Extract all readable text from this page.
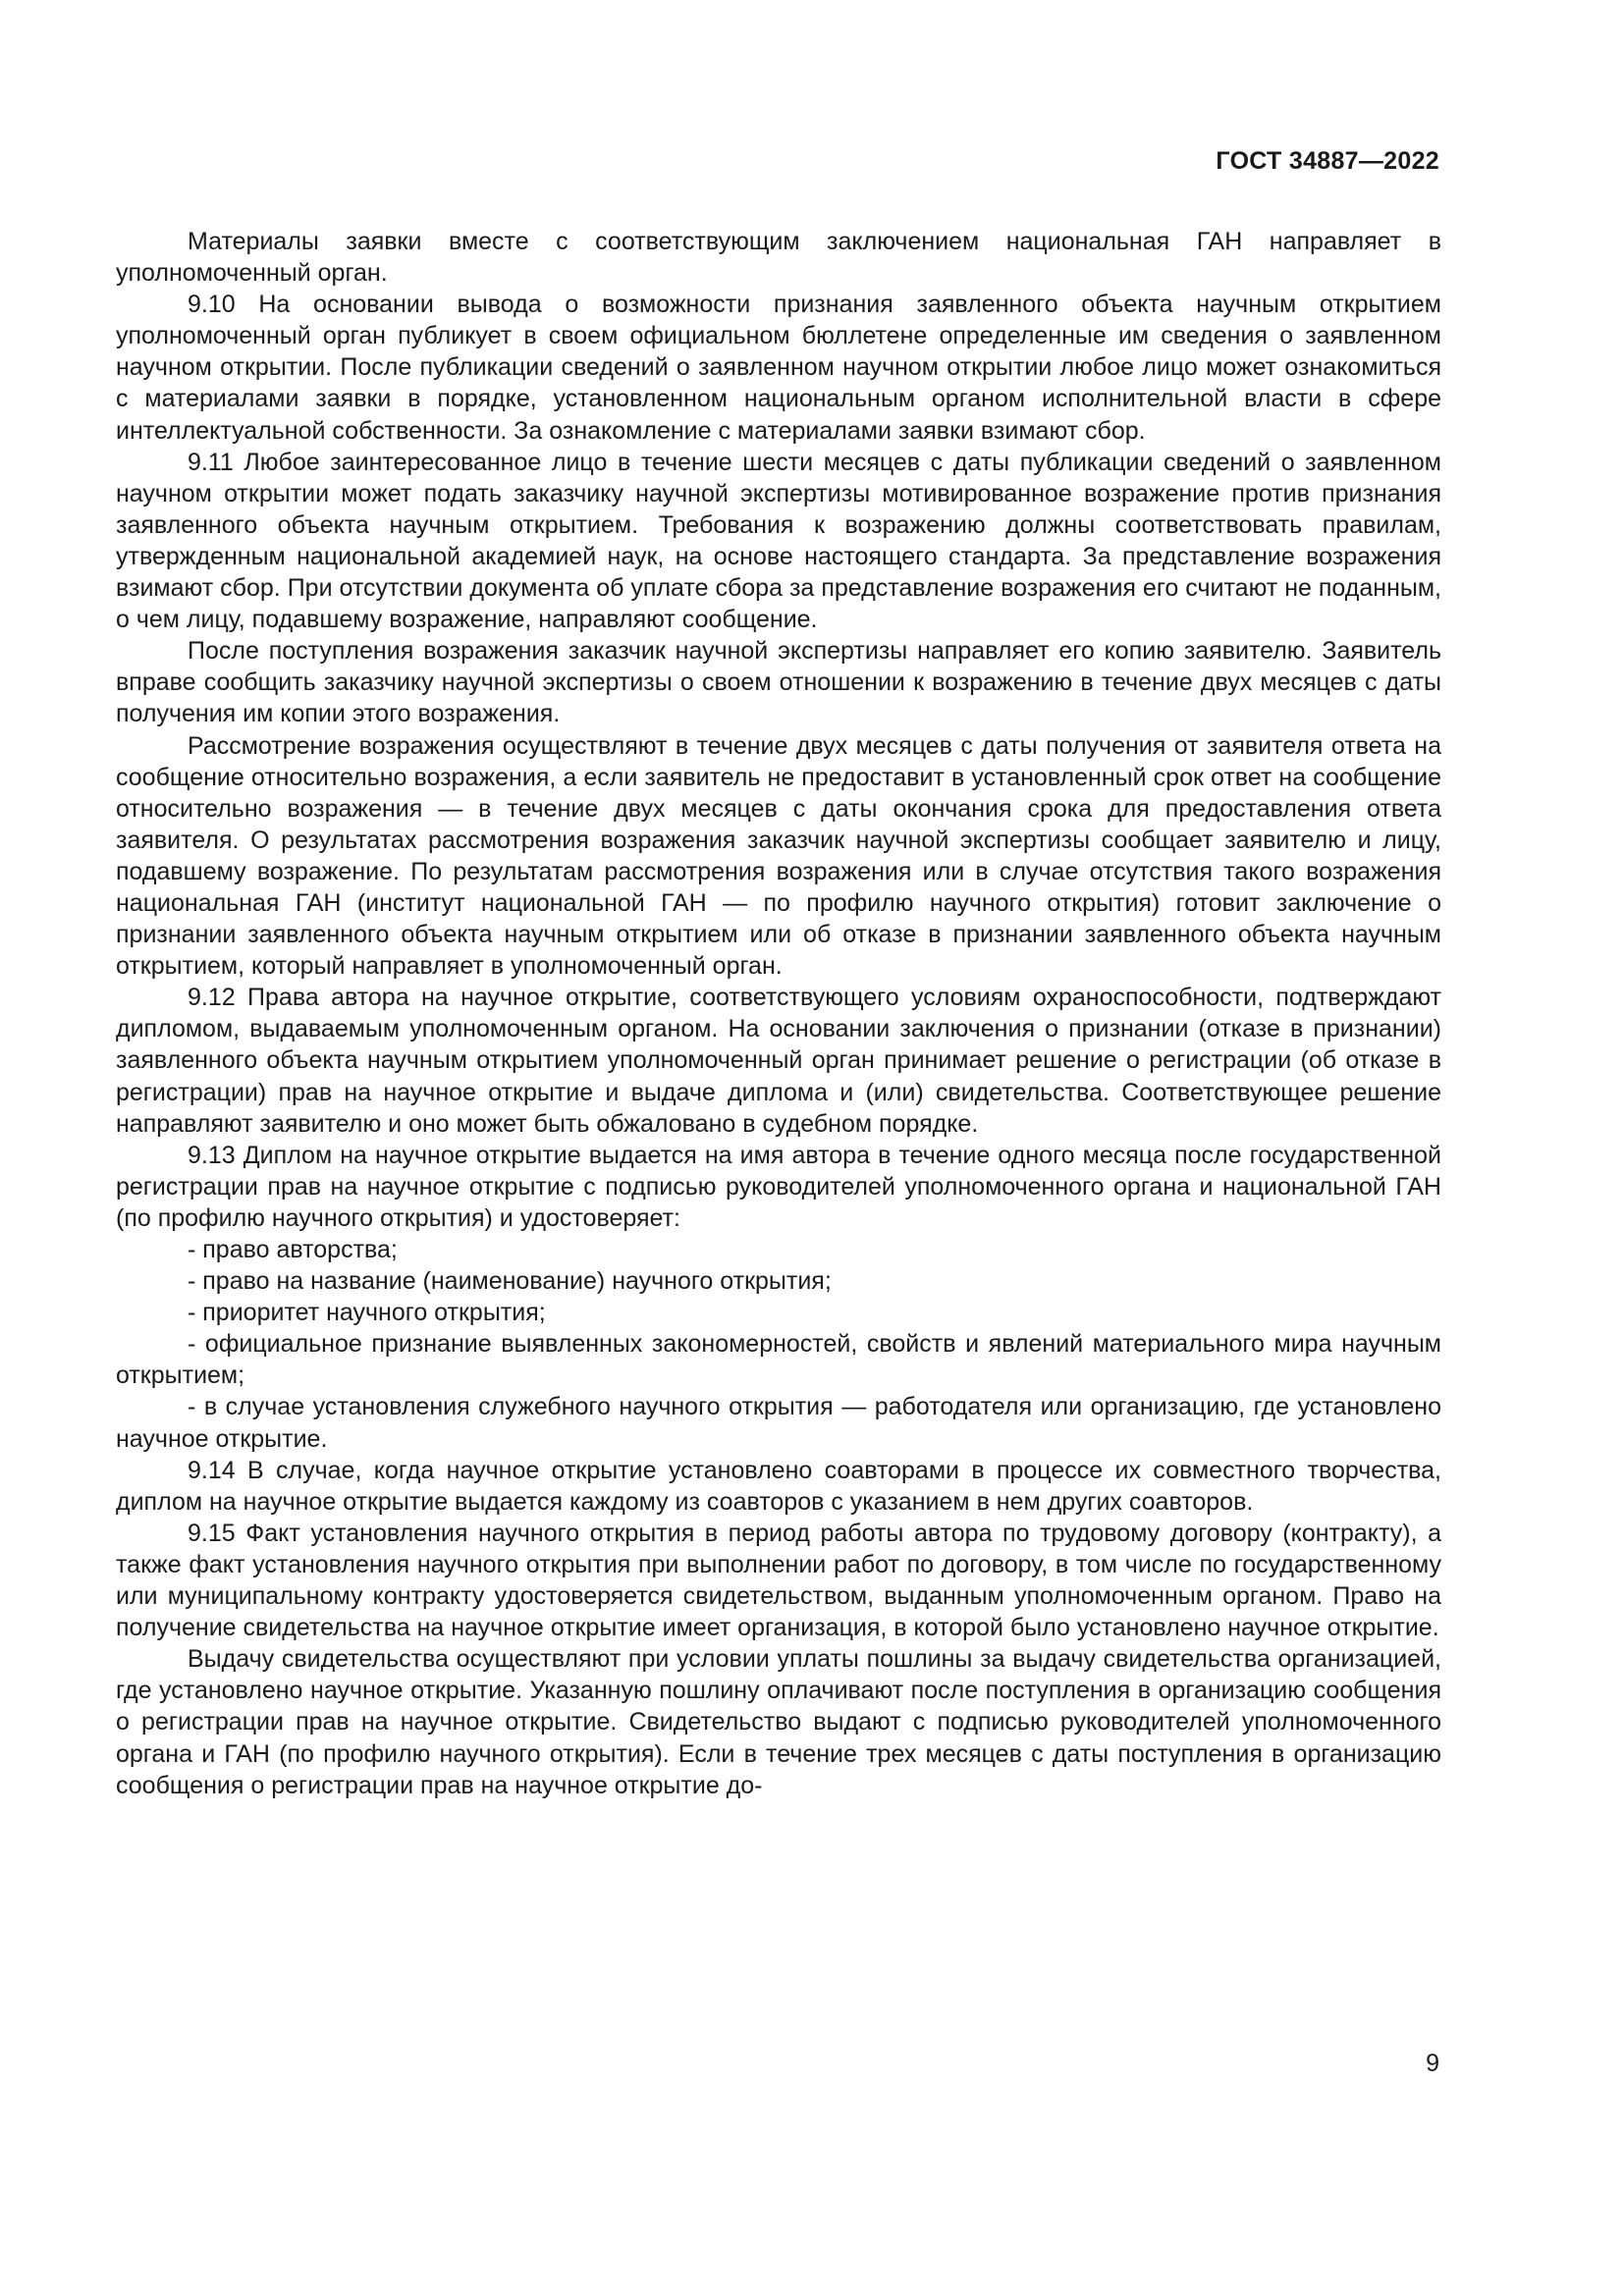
ГОСТ 34887—2022

Материалы заявки вместе с соответствующим заключением национальная ГАН направляет в уполномоченный орган.

9.10 На основании вывода о возможности признания заявленного объекта научным открытием уполномоченный орган публикует в своем официальном бюллетене определенные им сведения о заявленном научном открытии. После публикации сведений о заявленном научном открытии любое лицо может ознакомиться с материалами заявки в порядке, установленном национальным органом исполнительной власти в сфере интеллектуальной собственности. За ознакомление с материалами заявки взимают сбор.

9.11 Любое заинтересованное лицо в течение шести месяцев с даты публикации сведений о заявленном научном открытии может подать заказчику научной экспертизы мотивированное возражение против признания заявленного объекта научным открытием. Требования к возражению должны соответствовать правилам, утвержденным национальной академией наук, на основе настоящего стандарта. За представление возражения взимают сбор. При отсутствии документа об уплате сбора за представление возражения его считают не поданным, о чем лицу, подавшему возражение, направляют сообщение.

После поступления возражения заказчик научной экспертизы направляет его копию заявителю. Заявитель вправе сообщить заказчику научной экспертизы о своем отношении к возражению в течение двух месяцев с даты получения им копии этого возражения.

Рассмотрение возражения осуществляют в течение двух месяцев с даты получения от заявителя ответа на сообщение относительно возражения, а если заявитель не предоставит в установленный срок ответ на сообщение относительно возражения — в течение двух месяцев с даты окончания срока для предоставления ответа заявителя. О результатах рассмотрения возражения заказчик научной экспертизы сообщает заявителю и лицу, подавшему возражение. По результатам рассмотрения возражения или в случае отсутствия такого возражения национальная ГАН (институт национальной ГАН — по профилю научного открытия) готовит заключение о признании заявленного объекта научным открытием или об отказе в признании заявленного объекта научным открытием, который направляет в уполномоченный орган.

9.12 Права автора на научное открытие, соответствующего условиям охраноспособности, подтверждают дипломом, выдаваемым уполномоченным органом. На основании заключения о признании (отказе в признании) заявленного объекта научным открытием уполномоченный орган принимает решение о регистрации (об отказе в регистрации) прав на научное открытие и выдаче диплома и (или) свидетельства. Соответствующее решение направляют заявителю и оно может быть обжаловано в судебном порядке.

9.13 Диплом на научное открытие выдается на имя автора в течение одного месяца после государственной регистрации прав на научное открытие с подписью руководителей уполномоченного органа и национальной ГАН (по профилю научного открытия) и удостоверяет:

- право авторства;

- право на название (наименование) научного открытия;

- приоритет научного открытия;

- официальное признание выявленных закономерностей, свойств и явлений материального мира научным открытием;

- в случае установления служебного научного открытия — работодателя или организацию, где установлено научное открытие.

9.14 В случае, когда научное открытие установлено соавторами в процессе их совместного творчества, диплом на научное открытие выдается каждому из соавторов с указанием в нем других соавторов.

9.15 Факт установления научного открытия в период работы автора по трудовому договору (контракту), а также факт установления научного открытия при выполнении работ по договору, в том числе по государственному или муниципальному контракту удостоверяется свидетельством, выданным уполномоченным органом. Право на получение свидетельства на научное открытие имеет организация, в которой было установлено научное открытие.

Выдачу свидетельства осуществляют при условии уплаты пошлины за выдачу свидетельства организацией, где установлено научное открытие. Указанную пошлину оплачивают после поступления в организацию сообщения о регистрации прав на научное открытие. Свидетельство выдают с подписью руководителей уполномоченного органа и ГАН (по профилю научного открытия). Если в течение трех месяцев с даты поступления в организацию сообщения о регистрации прав на научное открытие до-

9
